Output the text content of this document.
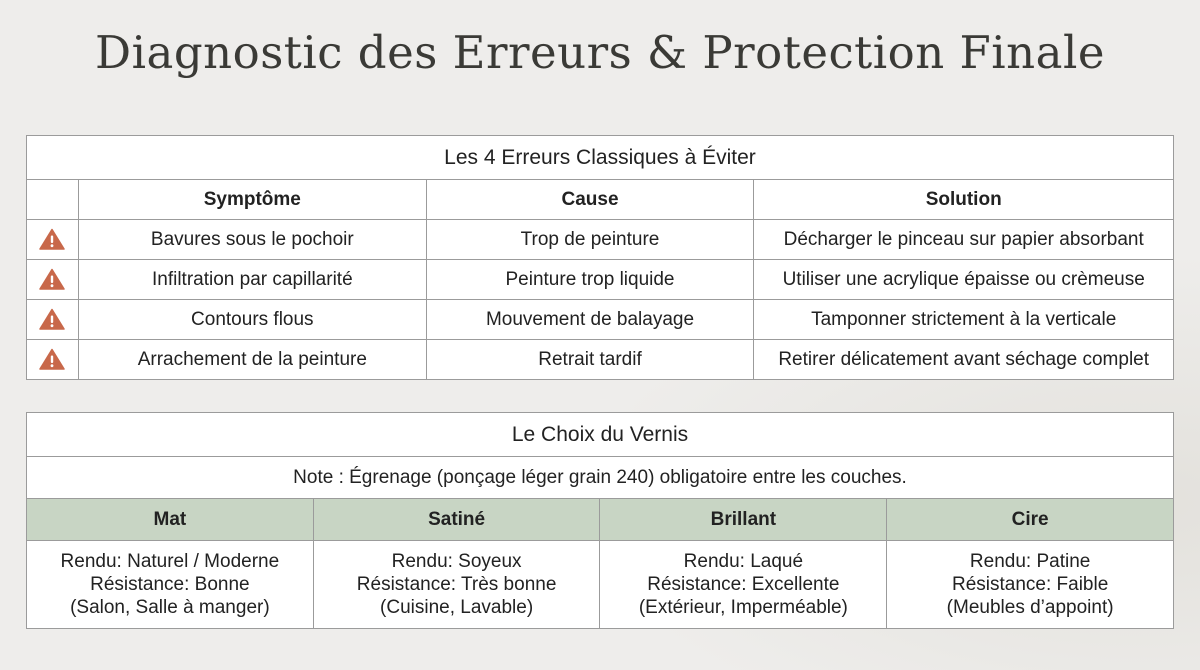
Diagnostic des Erreurs & Protection Finale
Les 4 Erreurs Classiques à Éviter			
	Symptôme	Cause	Solution
	Bavures sous le pochoir	Trop de peinture	Décharger le pinceau sur papier absorbant
	Infiltration par capillarité	Peinture trop liquide	Utiliser une acrylique épaisse ou crèmeuse
	Contours flous	Mouvement de balayage	Tamponner strictement à la verticale
	Arrachement de la peinture	Retrait tardif	Retirer délicatement avant séchage complet
Le Choix du Vernis			
Note : Égrenage (ponçage léger grain 240) obligatoire entre les couches.			
Mat	Satiné	Brillant	Cire

Rendu: Naturel / Moderne
Résistance: Bonne
(Salon, Salle à manger)	Rendu: Soyeux
Résistance: Très bonne
(Cuisine, Lavable)	Rendu: Laqué
Résistance: Excellente
(Extérieur, Imperméable)	Rendu: Patine
Résistance: Faible
(Meubles d’appoint)
